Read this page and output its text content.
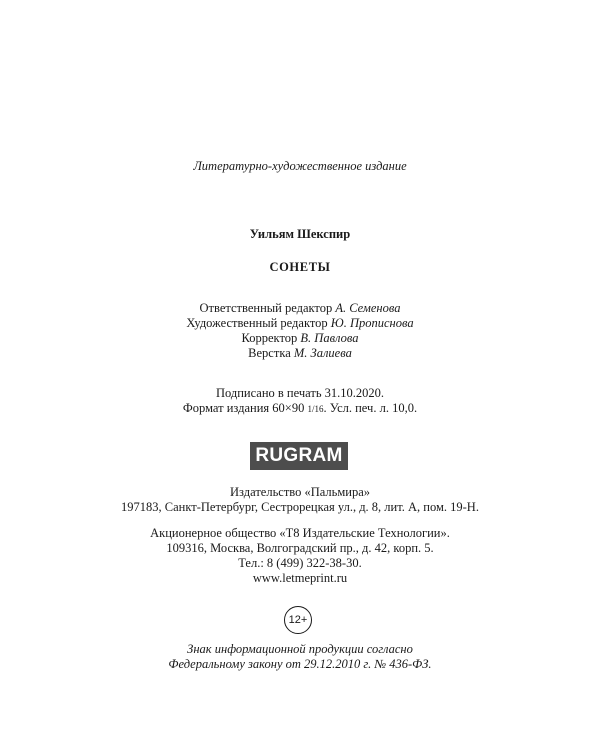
Литературно-художественное издание
Уильям Шекспир
СОНЕТЫ
Ответственный редактор А. Семенова
Художественный редактор Ю. Прописнова
Корректор В. Павлова
Верстка М. Залиева
Подписано в печать 31.10.2020.
Формат издания 60×90 1/16. Усл. печ. л. 10,0.
RUGRAM
Издательство «Пальмира»
197183, Санкт-Петербург, Сестрорецкая ул., д. 8, лит. А, пом. 19-Н.
Акционерное общество «Т8 Издательские Технологии».
109316, Москва, Волгоградский пр., д. 42, корп. 5.
Тел.: 8 (499) 322-38-30.
www.letmeprint.ru
12+
Знак информационной продукции согласно
Федеральному закону от 29.12.2010 г. № 436-ФЗ.
